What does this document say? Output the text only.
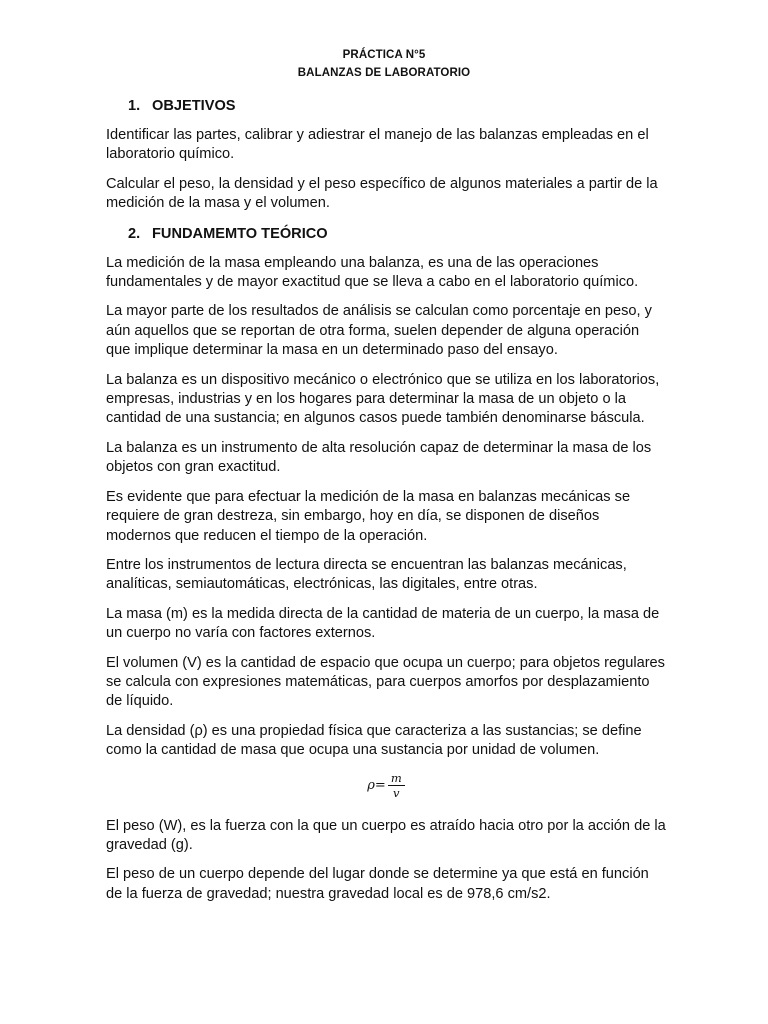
PRÁCTICA N°5
BALANZAS DE LABORATORIO
1. OBJETIVOS

Identificar las partes, calibrar y adiestrar el manejo de las balanzas empleadas en el laboratorio químico.

Calcular el peso, la densidad y el peso específico de algunos materiales a partir de la medición de la masa y el volumen.

2. FUNDAMEMTO TEÓRICO

La medición de la masa empleando una balanza, es una de las operaciones fundamentales y de mayor exactitud que se lleva a cabo en el laboratorio químico.

La mayor parte de los resultados de análisis se calculan como porcentaje en peso, y aún aquellos que se reportan de otra forma, suelen depender de alguna operación que implique determinar la masa en un determinado paso del ensayo.

La balanza es un dispositivo mecánico o electrónico que se utiliza en los laboratorios, empresas, industrias y en los hogares para determinar la masa de un objeto o la cantidad de una sustancia; en algunos casos puede también denominarse báscula.

La balanza es un instrumento de alta resolución capaz de determinar la masa de los objetos con gran exactitud.

Es evidente que para efectuar la medición de la masa en balanzas mecánicas se requiere de gran destreza, sin embargo, hoy en día, se disponen de diseños modernos que reducen el tiempo de la operación.

Entre los instrumentos de lectura directa se encuentran las balanzas mecánicas, analíticas, semiautomáticas, electrónicas, las digitales, entre otras.

La masa (m) es la medida directa de la cantidad de materia de un cuerpo, la masa de un cuerpo no varía con factores externos.

El volumen (V) es la cantidad de espacio que ocupa un cuerpo; para objetos regulares se calcula con expresiones matemáticas, para cuerpos amorfos por desplazamiento de líquido.

La densidad (ρ) es una propiedad física que caracteriza a las sustancias; se define como la cantidad de masa que ocupa una sustancia por unidad de volumen.

$\rho= \frac{m}{v}$

El peso (W), es la fuerza con la que un cuerpo es atraído hacia otro por la acción de la gravedad (g).

El peso de un cuerpo depende del lugar donde se determine ya que está en función de la fuerza de gravedad; nuestra gravedad local es de 978,6 cm/s2.
